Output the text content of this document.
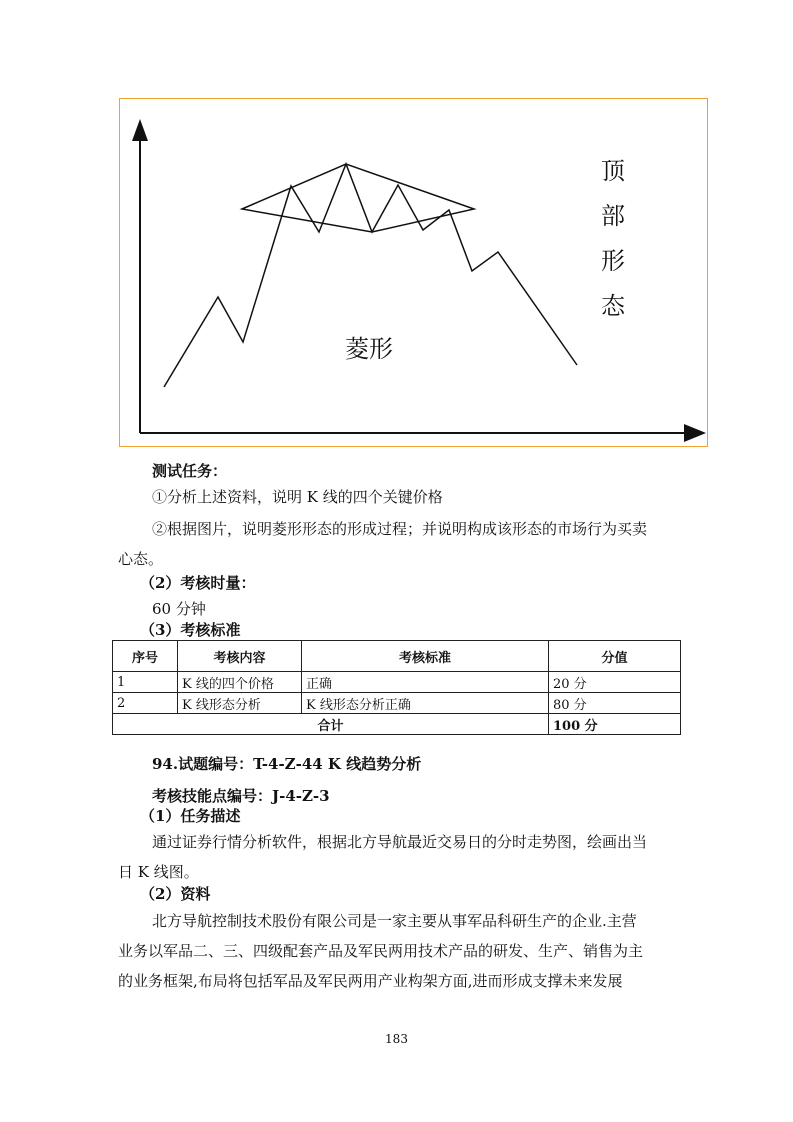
顶
部
形
态
菱形
测试任务：
①分析上述资料，说明 K 线的四个关键价格
②根据图片，说明菱形形态的形成过程；并说明构成该形态的市场行为买卖
心态。
（2）考核时量：
60 分钟
（3）考核标准
序号	考核内容	考核标准	分值
1	K 线的四个价格	正确	20 分
2	K 线形态分析	K 线形态分析正确	80 分
合计			100 分
94.试题编号：T-4-Z-44 K 线趋势分析
考核技能点编号：J-4-Z-3
（1）任务描述
通过证券行情分析软件，根据北方导航最近交易日的分时走势图，绘画出当
日 K 线图。
（2）资料
北方导航控制技术股份有限公司是一家主要从事军品科研生产的企业.主营
业务以军品二、三、四级配套产品及军民两用技术产品的研发、生产、销售为主
的业务框架,布局将包括军品及军民两用产业构架方面,进而形成支撑未来发展
183
